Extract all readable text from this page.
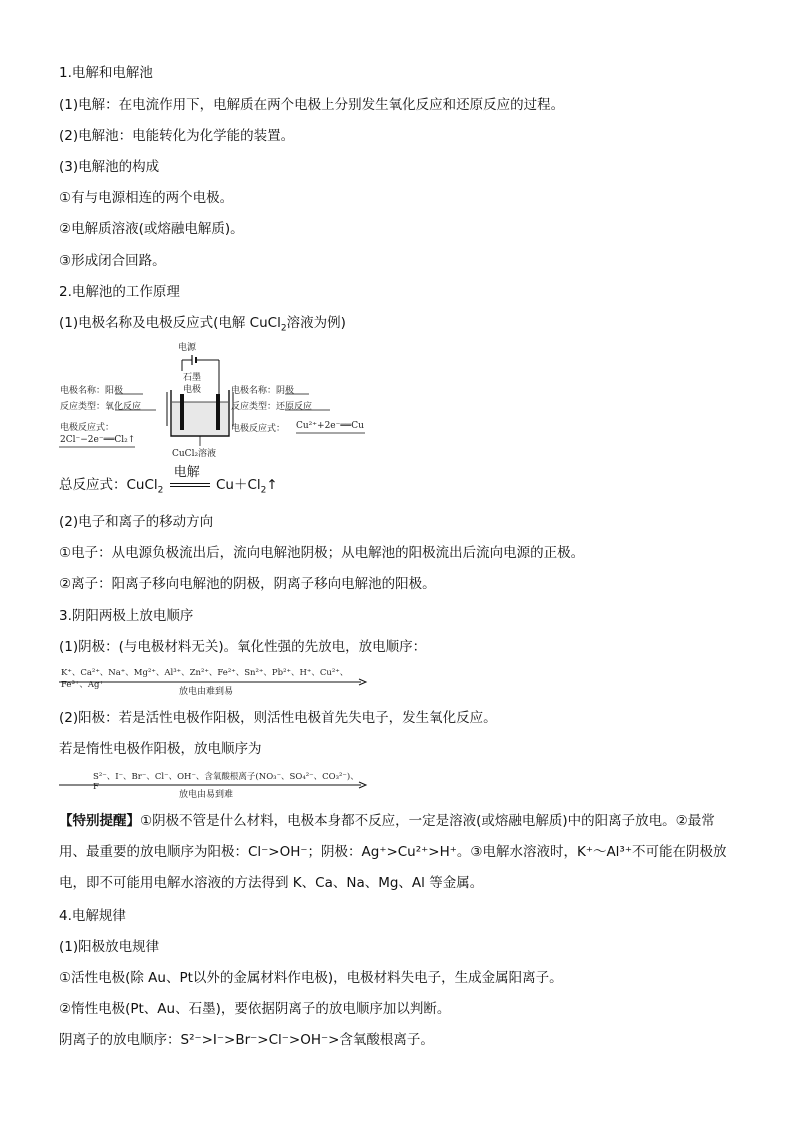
1.电解和电解池
(1)电解：在电流作用下，电解质在两个电极上分别发生氧化反应和还原反应的过程。
(2)电解池：电能转化为化学能的装置。
(3)电解池的构成
①有与电源相连的两个电极。
②电解质溶液(或熔融电解质)。
③形成闭合回路。
2.电解池的工作原理
(1)电极名称及电极反应式(电解 CuCl$_2$溶液为例)
电源
石墨
电极
电极名称：阳极
反应类型：氧化反应
电极反应式：
2Cl⁻−2e⁻══Cl₂↑
电极名称：阴极
反应类型：还原反应
电极反应式： Cu²⁺+2e⁻══Cu
CuCl₂溶液
总反应式：CuCl$_2$
电解
$Cu+Cl_2↑$
(2)电子和离子的移动方向
①电子：从电源负极流出后，流向电解池阴极；从电解池的阳极流出后流向电源的正极。
②离子：阳离子移向电解池的阴极，阴离子移向电解池的阳极。
3.阴阳两极上放电顺序
(1)阴极：(与电极材料无关)。氧化性强的先放电，放电顺序：
K⁺、Ca²⁺、Na⁺、Mg²⁺、Al³⁺、Zn²⁺、Fe²⁺、Sn²⁺、Pb²⁺、H⁺、Cu²⁺、Fe³⁺、Ag⁺
放电由难到易
(2)阳极：若是活性电极作阳极，则活性电极首先失电子，发生氧化反应。
若是惰性电极作阳极，放电顺序为
S²⁻、I⁻、Br⁻、Cl⁻、OH⁻、含氧酸根离子(NO₃⁻、SO₄²⁻、CO₃²⁻)、F⁻
放电由易到难
【特别提醒】①阴极不管是什么材料，电极本身都不反应，一定是溶液(或熔融电解质)中的阳离子放电。②最常用、最重要的放电顺序为阳极：Cl⁻>OH⁻；阴极：Ag⁺>Cu²⁺>H⁺。③电解水溶液时，K⁺～Al³⁺不可能在阴极放电，即不可能用电解水溶液的方法得到 K、Ca、Na、Mg、Al 等金属。
4.电解规律
(1)阳极放电规律
①活性电极(除 Au、Pt以外的金属材料作电极)，电极材料失电子，生成金属阳离子。
②惰性电极(Pt、Au、石墨)，要依据阴离子的放电顺序加以判断。
阴离子的放电顺序：S²⁻>I⁻>Br⁻>Cl⁻>OH⁻>含氧酸根离子。
